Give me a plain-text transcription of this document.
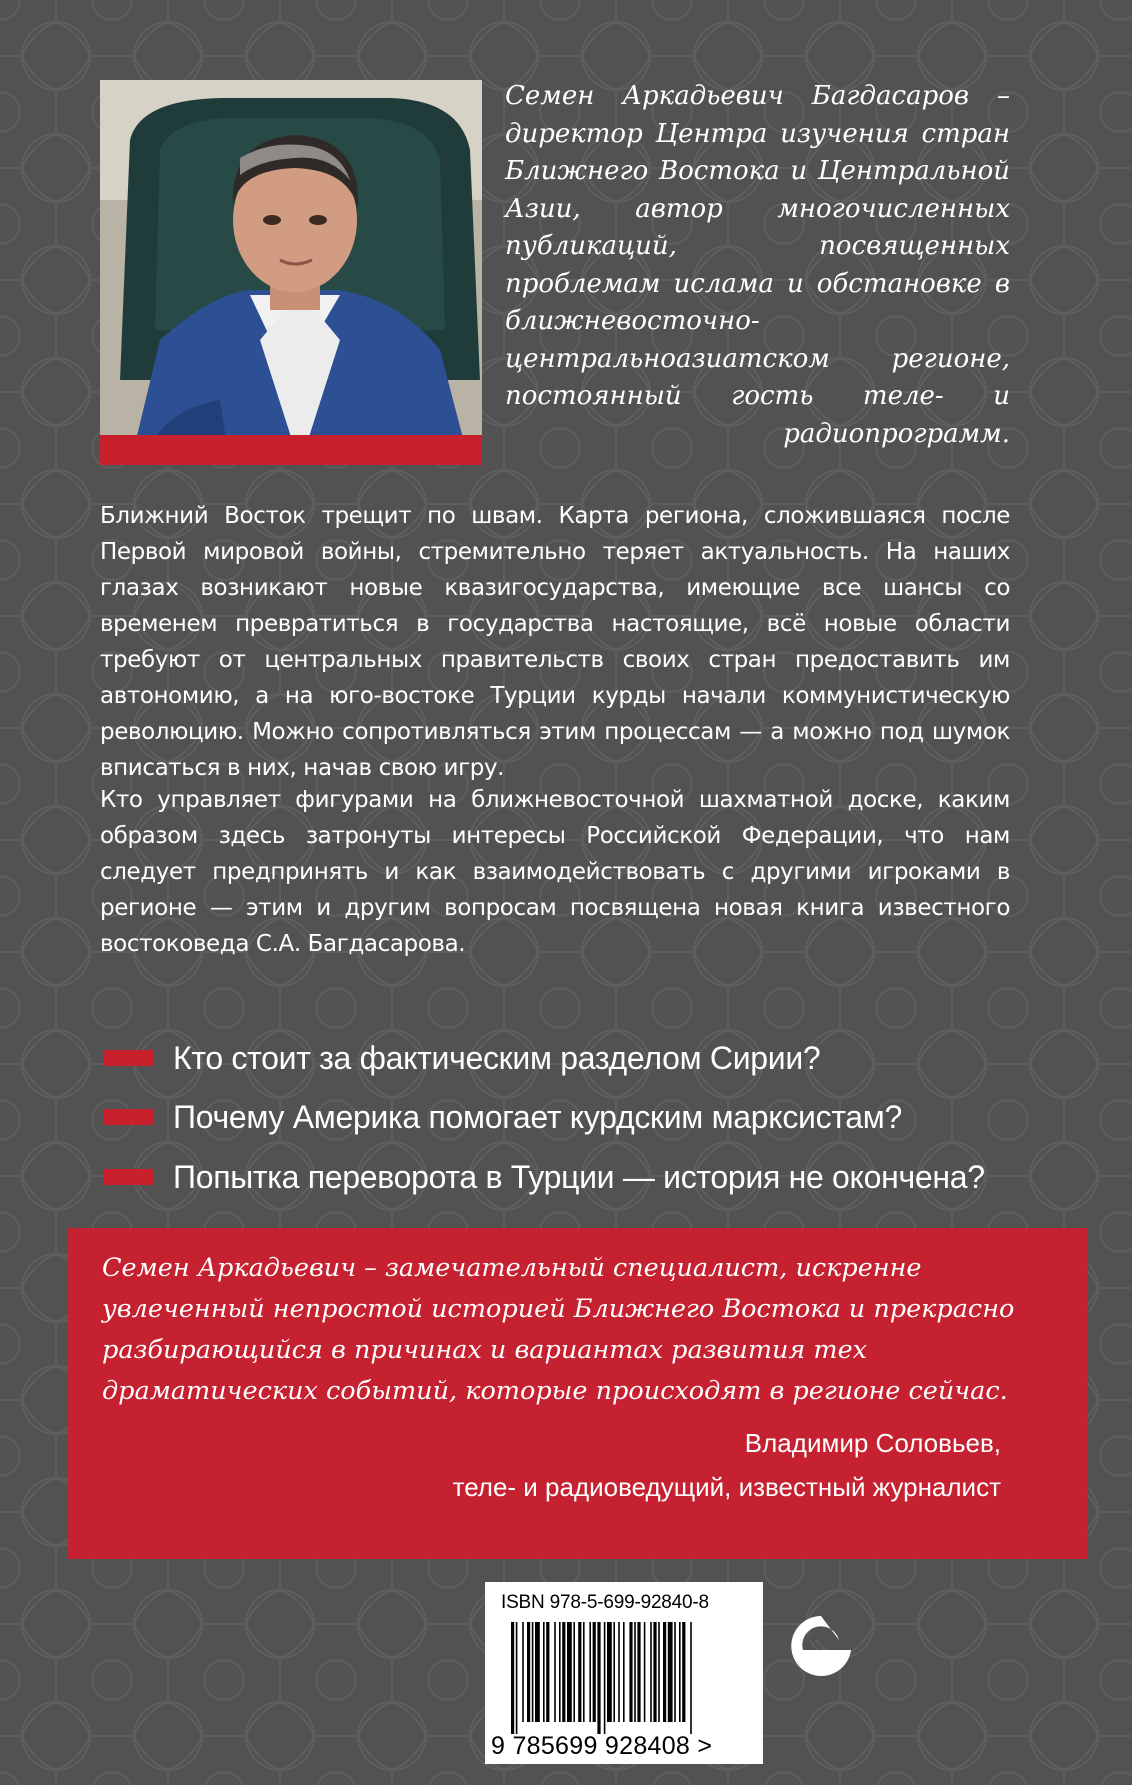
Семен Аркадьевич Багдасаров – директор Центра изучения стран Ближнего Востока и Центральной Азии, автор многочисленных публикаций, посвященных проблемам ислама и обстановке в ближневосточно-центральноазиатском регионе, постоянный гость теле- и радиопрограмм.

Ближний Восток трещит по швам. Карта региона, сложившаяся после Первой мировой войны, стремительно теряет актуальность. На наших глазах возникают новые квазигосударства, имеющие все шансы со временем превратиться в государства настоящие, всё новые области требуют от центральных правительств своих стран предоставить им автономию, а на юго-востоке Турции курды начали коммунистическую революцию. Можно сопротивляться этим процессам — а можно под шумок вписаться в них, начав свою игру.

Кто управляет фигурами на ближневосточной шахматной доске, каким образом здесь затронуты интересы Российской Федерации, что нам следует предпринять и как взаимодействовать с другими игроками в регионе — этим и другим вопросам посвящена новая книга известного востоковеда С.А. Багдасарова.

Кто стоит за фактическим разделом Сирии?
Почему Америка помогает курдским марксистам?
Попытка переворота в Турции — история не окончена?

Семен Аркадьевич – замечательный специалист, искренне увлеченный непростой историей Ближнего Востока и прекрасно разбирающийся в причинах и вариантах развития тех драматических событий, которые происходят в регионе сейчас.

Владимир Соловьев,

теле- и радиоведущий, известный журналист

ISBN 978-5-699-92840-8
9 785699 928408 >
